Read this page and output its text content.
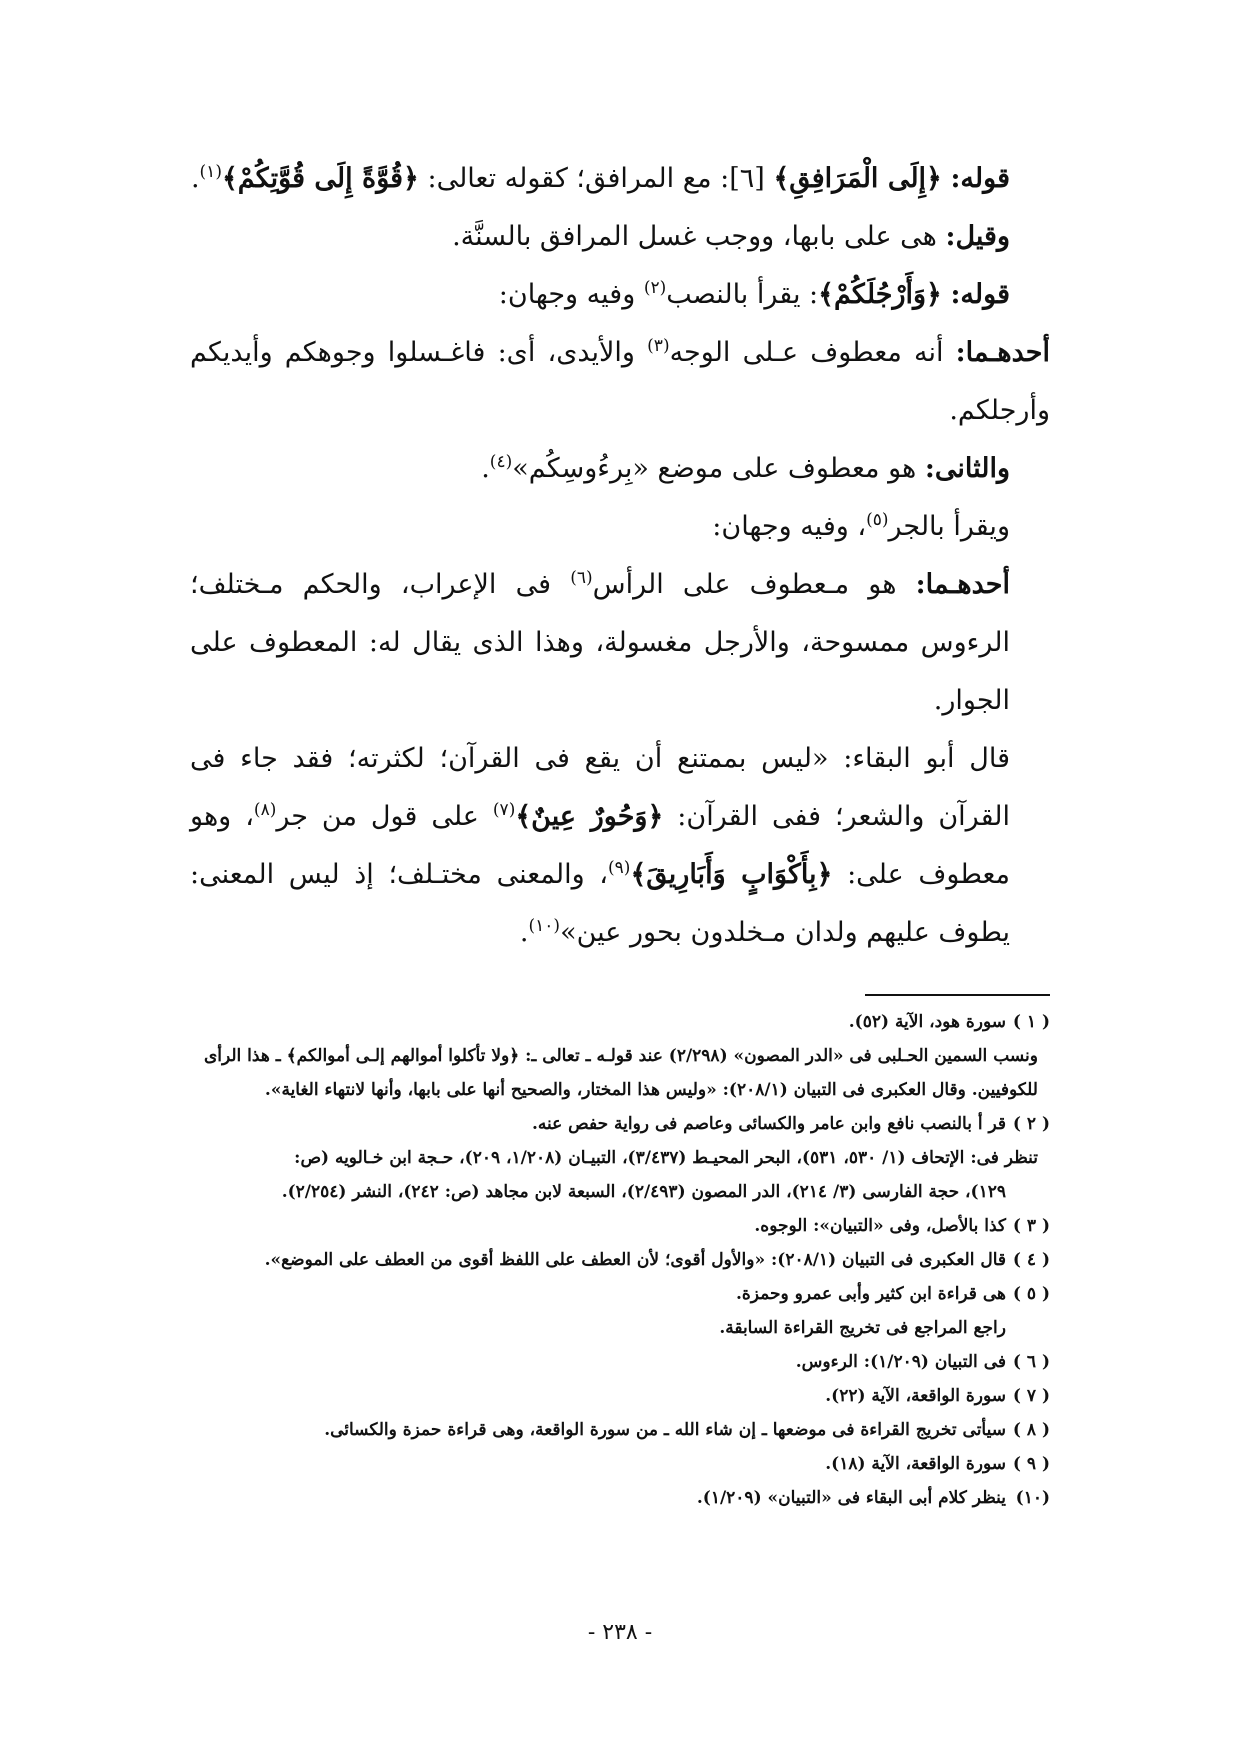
قوله: ﴿إِلَى الْمَرَافِقِ﴾ [٦]: مع المرافق؛ كقوله تعالى: ﴿قُوَّةً إِلَى قُوَّتِكُمْ﴾$^{(١)}$.

وقيل: هى على بابها، ووجب غسل المرافق بالسنَّة.

قوله: ﴿وَأَرْجُلَكُمْ﴾: يقرأ بالنصب$^{(٢)}$ وفيه وجهان:

أحدهـما: أنه معطوف عـلى الوجه$^{(٣)}$ والأيدى، أى: فاغـسلوا وجوهكم وأيديكم وأرجلكم.

والثانى: هو معطوف على موضع «بِرءُوسِكُم»$^{(٤)}$.

ويقرأ بالجر$^{(٥)}$، وفيه وجهان:

أحدهـما: هو مـعطوف على الرأس$^{(٦)}$ فى الإعراب، والحكم مـختلف؛ الرءوس ممسوحة، والأرجل مغسولة، وهذا الذى يقال له: المعطوف على الجوار.

قال أبو البقاء: «ليس بممتنع أن يقع فى القرآن؛ لكثرته؛ فقد جاء فى القرآن والشعر؛ ففى القرآن: ﴿وَحُورٌ عِينٌ﴾$^{(٧)}$ على قول من جر$^{(٨)}$، وهو معطوف على: ﴿بِأَكْوَابٍ وَأَبَارِيقَ﴾$^{(٩)}$، والمعنى مختـلف؛ إذ ليس المعنى: يطوف عليهم ولدان مـخلدون بحور عين»$^{(١٠)}$.

( ١ )سورة هود، الآية (٥٢).

ونسب السمين الحـلبى فى «الدر المصون» (٢/٢٩٨) عند قولـه ـ تعالى ـ: ﴿ولا تأكلوا أموالهم إلـى أموالكم﴾ ـ هذا الرأى

للكوفيين. وقال العكبرى فى التبيان (٢٠٨/١): «وليس هذا المختار، والصحيح أنها على بابها، وأنها لانتهاء الغاية».

( ٢ )قر أ بالنصب نافع وابن عامر والكسائى وعاصم فى رواية حفص عنه.

تنظر فى: الإتحاف (١/ ٥٣٠، ٥٣١)، البحر المحيـط (٣/٤٣٧)، التبيـان (١/٢٠٨، ٢٠٩)، حـجة ابن خـالويه (ص:

١٢٩)، حجة الفارسى (٣/ ٢١٤)، الدر المصون (٢/٤٩٣)، السبعة لابن مجاهد (ص: ٢٤٢)، النشر (٢/٢٥٤).

( ٣ )كذا بالأصل، وفى «التبيان»: الوجوه.

( ٤ )قال العكبرى فى التبيان (٢٠٨/١): «والأول أقوى؛ لأن العطف على اللفظ أقوى من العطف على الموضع».

( ٥ )هى قراءة ابن كثير وأبى عمرو وحمزة.

راجع المراجع فى تخريج القراءة السابقة.

( ٦ )فى التبيان (١/٢٠٩): الرءوس.

( ٧ )سورة الواقعة، الآية (٢٢).

( ٨ )سيأتى تخريج القراءة فى موضعها ـ إن شاء الله ـ من سورة الواقعة، وهى قراءة حمزة والكسائى.

( ٩ )سورة الواقعة، الآية (١٨).

(١٠)ينظر كلام أبى البقاء فى «التبيان» (١/٢٠٩).

- ٢٣٨ -
